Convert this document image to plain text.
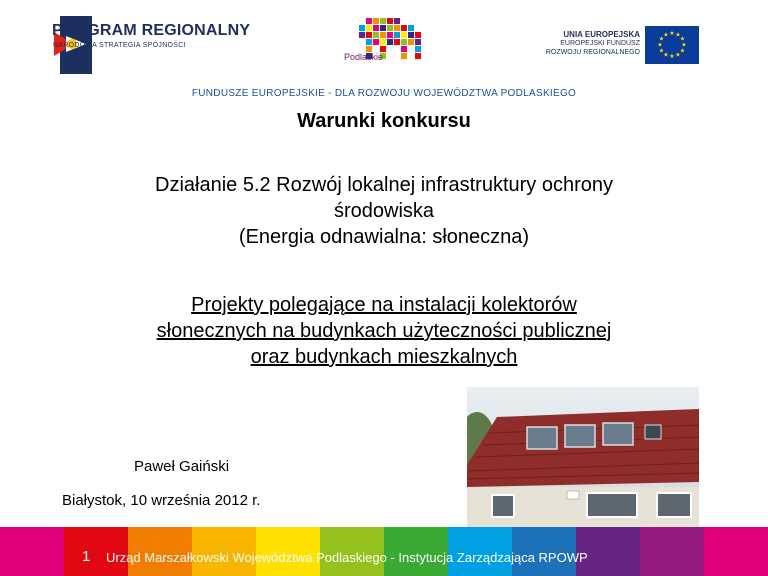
PROGRAM REGIONALNY
NARODOWA STRATEGIA SPÓJNOŚCI
Podlaskie
UNIA EUROPEJSKA
EUROPEJSKI FUNDUSZ
ROZWOJU REGIONALNEGO
★ ★
★
★
★
★
★
★
★
★
★
★
FUNDUSZE EUROPEJSKIE - DLA ROZWOJU WOJEWÓDZTWA PODLASKIEGO
Warunki konkursu
Działanie 5.2 Rozwój lokalnej infrastruktury ochrony
środowiska
(Energia odnawialna: słoneczna)
Projekty polegające na instalacji kolektorów
słonecznych na budynkach użyteczności publicznej
oraz budynkach mieszkalnych
Paweł Gaiński
Białystok, 10 września 2012 r.
1 Urząd Marszałkowski Województwa Podlaskiego - Instytucja Zarządzająca RPOWP
